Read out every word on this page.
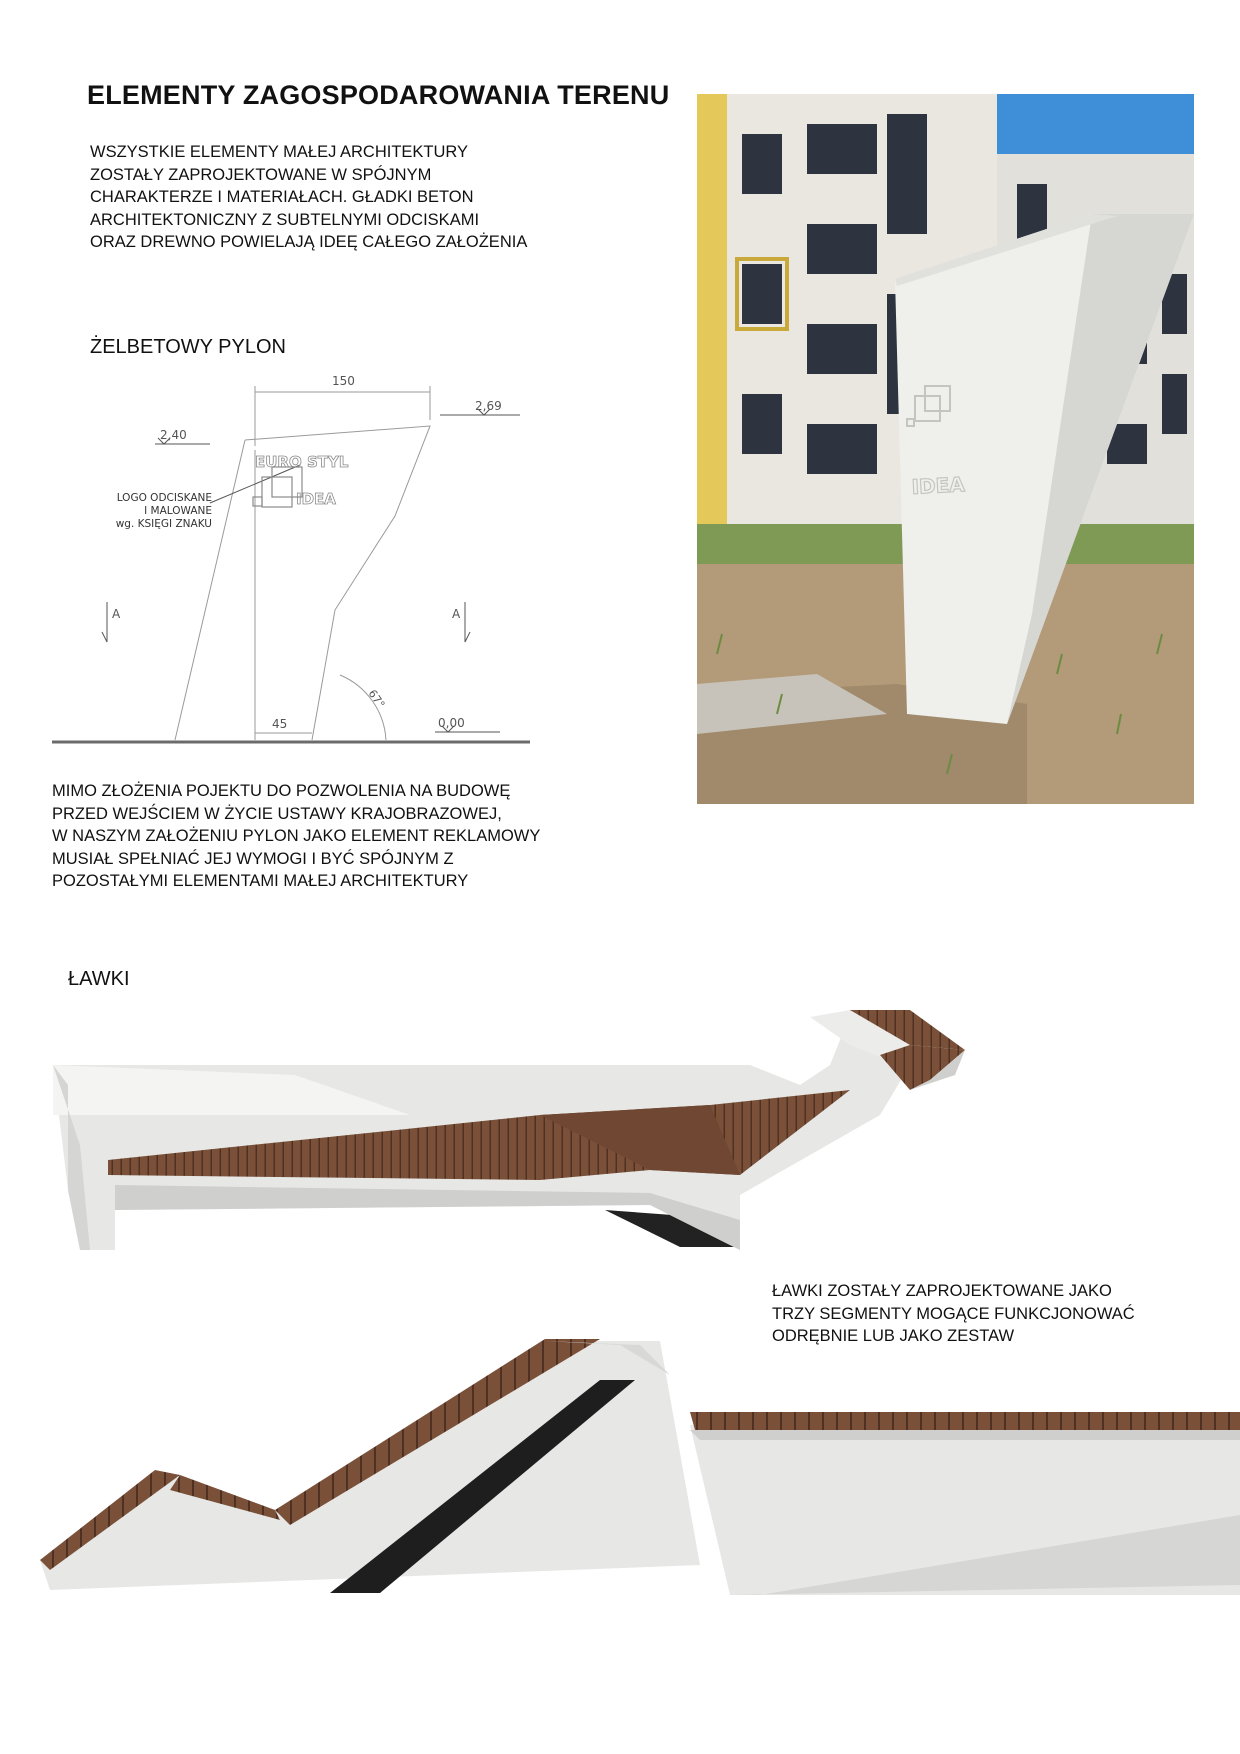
ELEMENTY ZAGOSPODAROWANIA TERENU
WSZYSTKIE ELEMENTY MAŁEJ ARCHITEKTURY
ZOSTAŁY ZAPROJEKTOWANE W SPÓJNYM
CHARAKTERZE I MATERIAŁACH. GŁADKI BETON
ARCHITEKTONICZNY Z SUBTELNYMI ODCISKAMI
ORAZ DREWNO POWIELAJĄ IDEĘ CAŁEGO ZAŁOŻENIA
ŻELBETOWY PYLON
150
2,40
2,69
0,00
45
67°
A	A
LOGO ODCISKANE
I MALOWANE
wg. KSIĘGI ZNAKU
EURO STYL
IDEA
IDEA
MIMO ZŁOŻENIA POJEKTU DO POZWOLENIA NA BUDOWĘ
PRZED WEJŚCIEM W ŻYCIE USTAWY KRAJOBRAZOWEJ,
W NASZYM ZAŁOŻENIU PYLON JAKO ELEMENT REKLAMOWY
MUSIAŁ SPEŁNIAĆ JEJ WYMOGI I BYĆ SPÓJNYM Z
POZOSTAŁYMI ELEMENTAMI MAŁEJ ARCHITEKTURY
ŁAWKI
ŁAWKI ZOSTAŁY ZAPROJEKTOWANE JAKO
TRZY SEGMENTY MOGĄCE FUNKCJONOWAĆ
ODRĘBNIE LUB JAKO ZESTAW
